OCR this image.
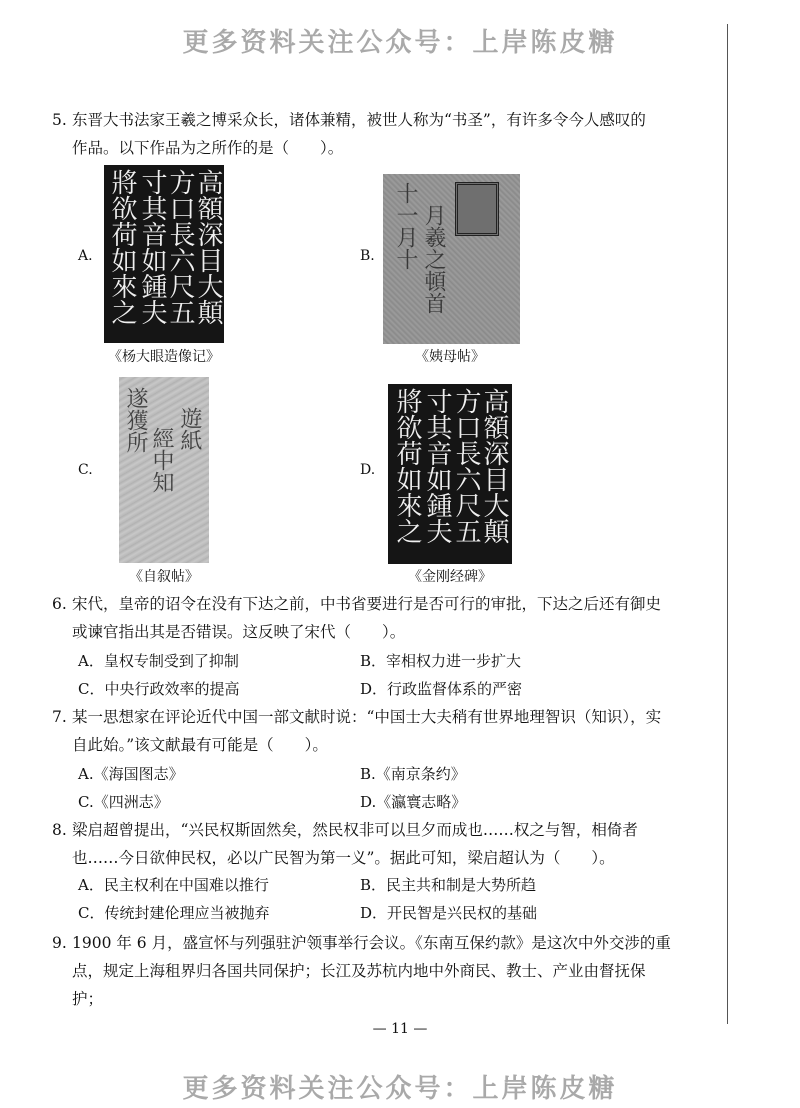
更多资料关注公众号：上岸陈皮糖
5. 东晋大书法家王羲之博采众长，诸体兼精，被世人称为“书圣”，有许多令今人感叹的
作品。以下作品为之所作的是（　　）。
A.	高額深目大顛
方口長六尺五
寸其音如鍾夫
將欲荷如來之
《杨大眼造像记》
B. 十一月十 月羲之頓首
《姨母帖》
C.
遂獲所
經中知 遊紙
《自叙帖》
D.	高額深目大顛
方口長六尺五
寸其音如鍾夫
將欲荷如來之
《金刚经碑》
6. 宋代，皇帝的诏令在没有下达之前，中书省要进行是否可行的审批，下达之后还有御史
或谏官指出其是否错误。这反映了宋代（　　）。
A．皇权专制受到了抑制	B．宰相权力进一步扩大
C．中央行政效率的提高	D．行政监督体系的严密
7. 某一思想家在评论近代中国一部文献时说：“中国士大夫稍有世界地理智识（知识），实
自此始。”该文献最有可能是（　　）。
A.《海国图志》	B.《南京条约》
C.《四洲志》	D.《瀛寰志略》
8. 梁启超曾提出，“兴民权斯固然矣，然民权非可以旦夕而成也……权之与智，相倚者
也……今日欲伸民权，必以广民智为第一义”。据此可知，梁启超认为（　　）。
A．民主权利在中国难以推行	B．民主共和制是大势所趋
C．传统封建伦理应当被抛弃	D．开民智是兴民权的基础
9. 1900 年 6 月，盛宣怀与列强驻沪领事举行会议。《东南互保约款》是这次中外交涉的重
点，规定上海租界归各国共同保护；长江及苏杭内地中外商民、教士、产业由督抚保护；
— 11 —
更多资料关注公众号：上岸陈皮糖
